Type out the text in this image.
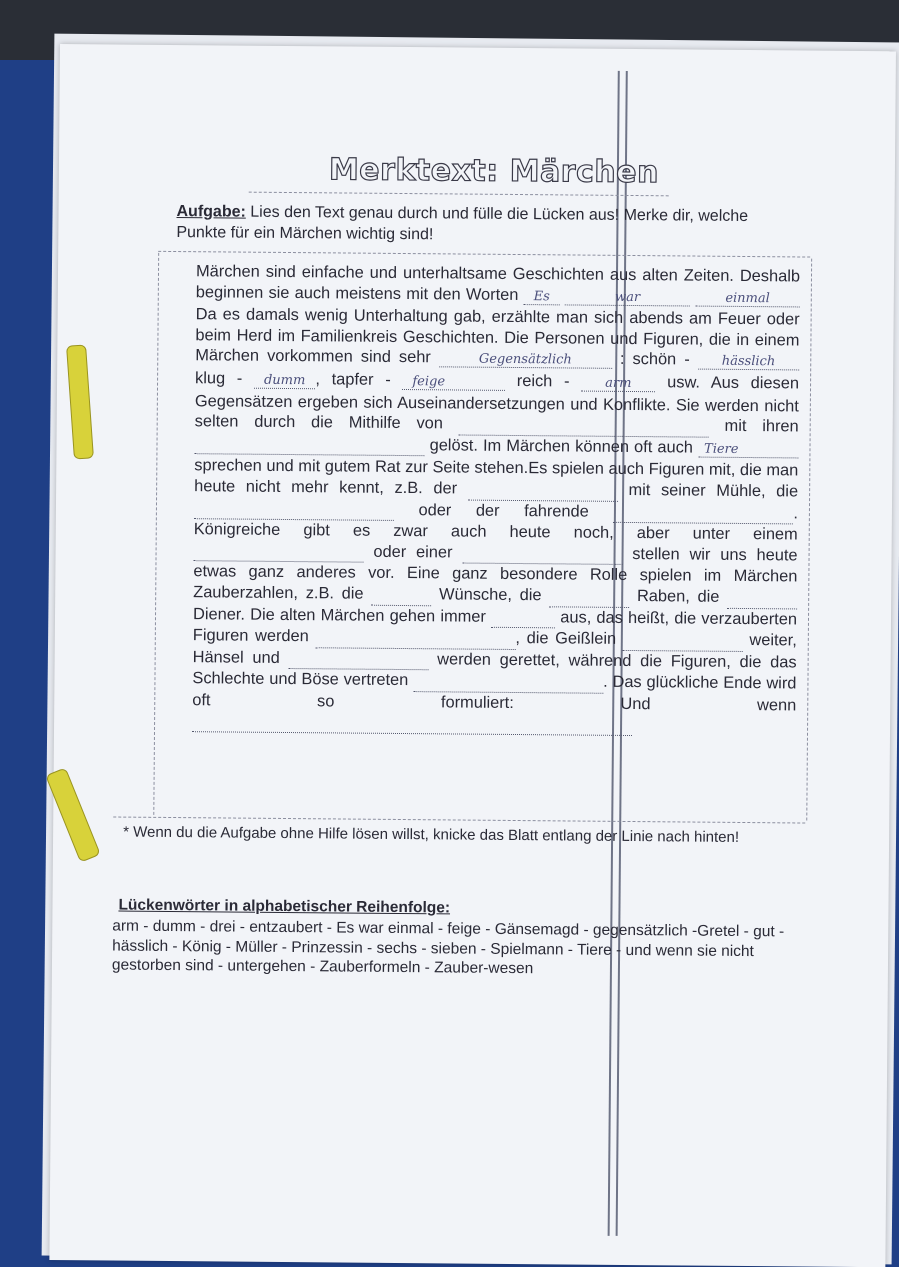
Merktext: Märchen
Aufgabe: Lies den Text genau durch und fülle die Lücken aus! Merke dir, welche Punkte für ein Märchen wichtig sind!
Märchen sind einfache und unterhaltsame Geschichten aus alten Zeiten. Deshalb beginnen sie auch meistens mit den Worten Es	war	einmal Da es damals wenig Unterhaltung gab, erzählte man sich abends am Feuer oder beim Herd im Familienkreis Geschichten. Die Personen und Figuren, die in einem Märchen vorkommen sind sehr	Gegensätzlich	: schön - hässlich klug - dumm , tapfer - feige	reich -	arm usw. Aus diesen Gegensätzen ergeben sich Auseinandersetzungen und Konflikte. Sie werden nicht selten durch die Mithilfe von	mit ihren   gelöst. Im Märchen können oft auch Tiere sprechen und mit gutem Rat zur Seite stehen.Es spielen auch Figuren mit, die man heute nicht mehr kennt, z.B. der	mit seiner Mühle, die   oder der fahrende	. Königreiche gibt es zwar auch heute noch, aber unter einem   oder einer	stellen wir uns heute etwas ganz anderes vor. Eine ganz besondere Rolle spielen im Märchen Zauberzahlen, z.B. die	Wünsche, die	Raben, die   Diener. Die alten Märchen gehen immer	aus, das heißt, die verzauberten Figuren werden	, die Geißlein	weiter, Hänsel und	werden gerettet, während die Figuren, die das Schlechte und Böse vertreten	. Das glückliche Ende wird oft so formuliert: Und wenn
* Wenn du die Aufgabe ohne Hilfe lösen willst, knicke das Blatt entlang der Linie nach hinten!
Lückenwörter in alphabetischer Reihenfolge:
arm - dumm - drei - entzaubert - Es war einmal - feige - Gänsemagd - gegensätzlich -Gretel - gut - hässlich - König - Müller - Prinzessin - sechs - sieben - Spielmann - Tiere - und wenn sie nicht gestorben sind - untergehen - Zauberformeln - Zauber-wesen
